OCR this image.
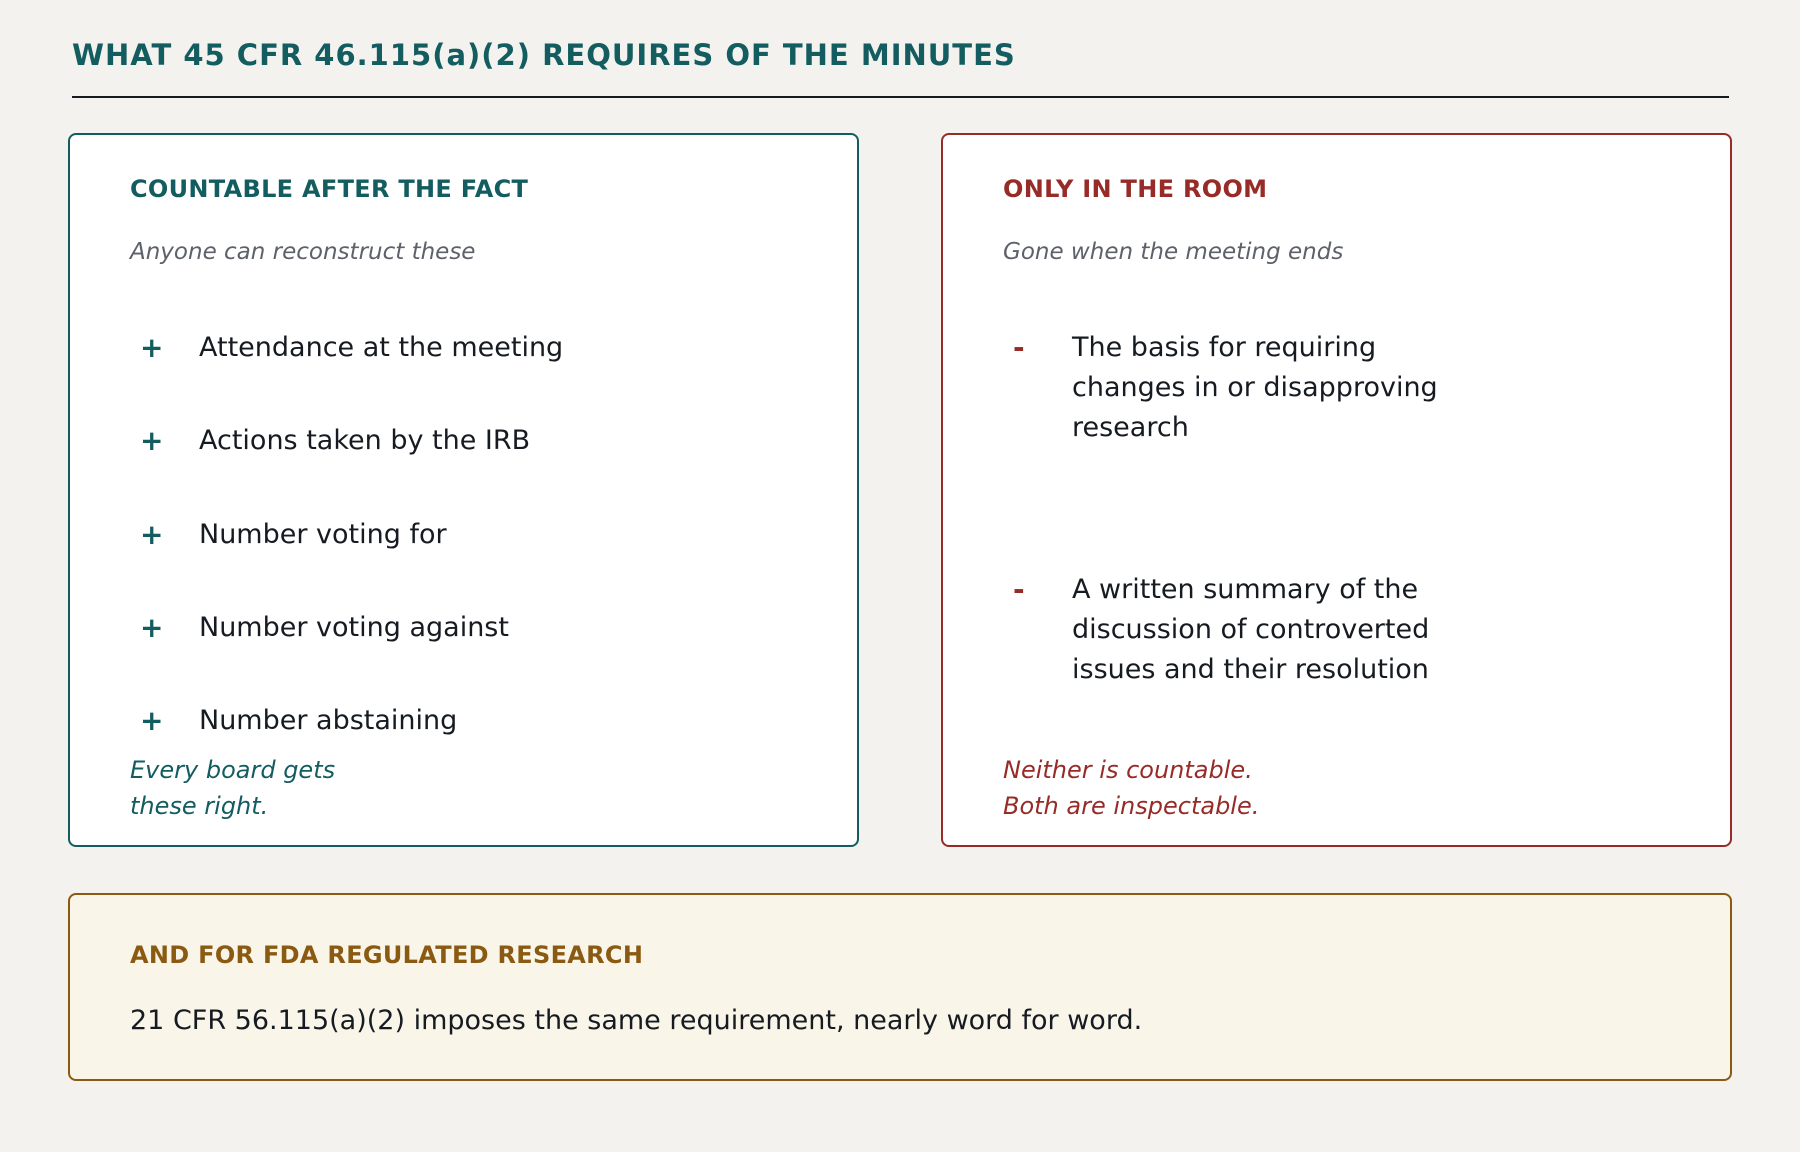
WHAT 45 CFR 46.115(a)(2) REQUIRES OF THE MINUTES
COUNTABLE AFTER THE FACT
Anyone can reconstruct these
+ Attendance at the meeting
+ Actions taken by the IRB
+ Number voting for
+ Number voting against
+ Number abstaining
Every board gets
these right.
ONLY IN THE ROOM
Gone when the meeting ends
- The basis for requiring changes in or disapproving research
- A written summary of the discussion of controverted issues and their resolution
Neither is countable.
Both are inspectable.
AND FOR FDA REGULATED RESEARCH
21 CFR 56.115(a)(2) imposes the same requirement, nearly word for word.
